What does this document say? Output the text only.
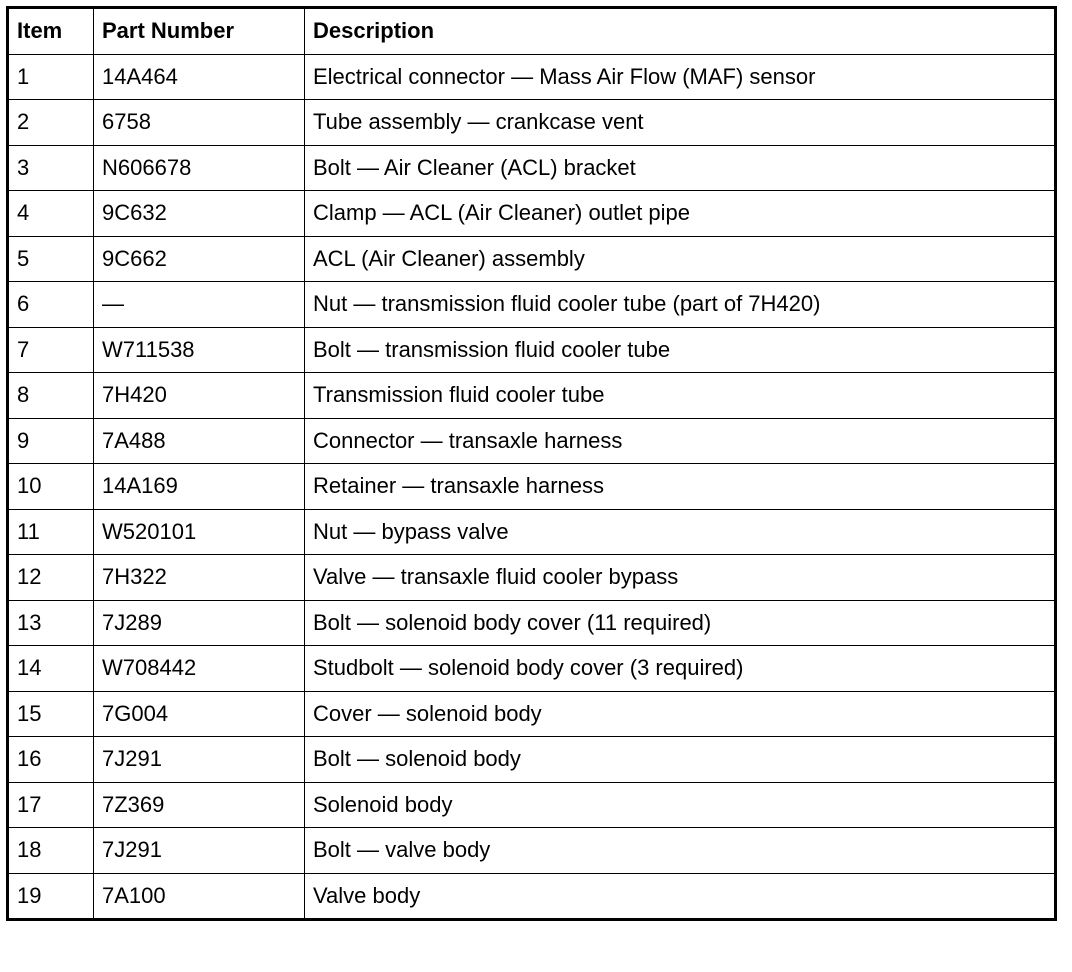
Item	Part Number	Description
1	14A464	Electrical connector — Mass Air Flow (MAF) sensor
2	6758	Tube assembly — crankcase vent
3	N606678	Bolt — Air Cleaner (ACL) bracket
4	9C632	Clamp — ACL (Air Cleaner) outlet pipe
5	9C662	ACL (Air Cleaner) assembly
6	—	Nut — transmission fluid cooler tube (part of 7H420)
7	W711538	Bolt — transmission fluid cooler tube
8	7H420	Transmission fluid cooler tube
9	7A488	Connector — transaxle harness
10	14A169	Retainer — transaxle harness
11	W520101	Nut — bypass valve
12	7H322	Valve — transaxle fluid cooler bypass
13	7J289	Bolt — solenoid body cover (11 required)
14	W708442	Studbolt — solenoid body cover (3 required)
15	7G004	Cover — solenoid body
16	7J291	Bolt — solenoid body
17	7Z369	Solenoid body
18	7J291	Bolt — valve body
19	7A100	Valve body
